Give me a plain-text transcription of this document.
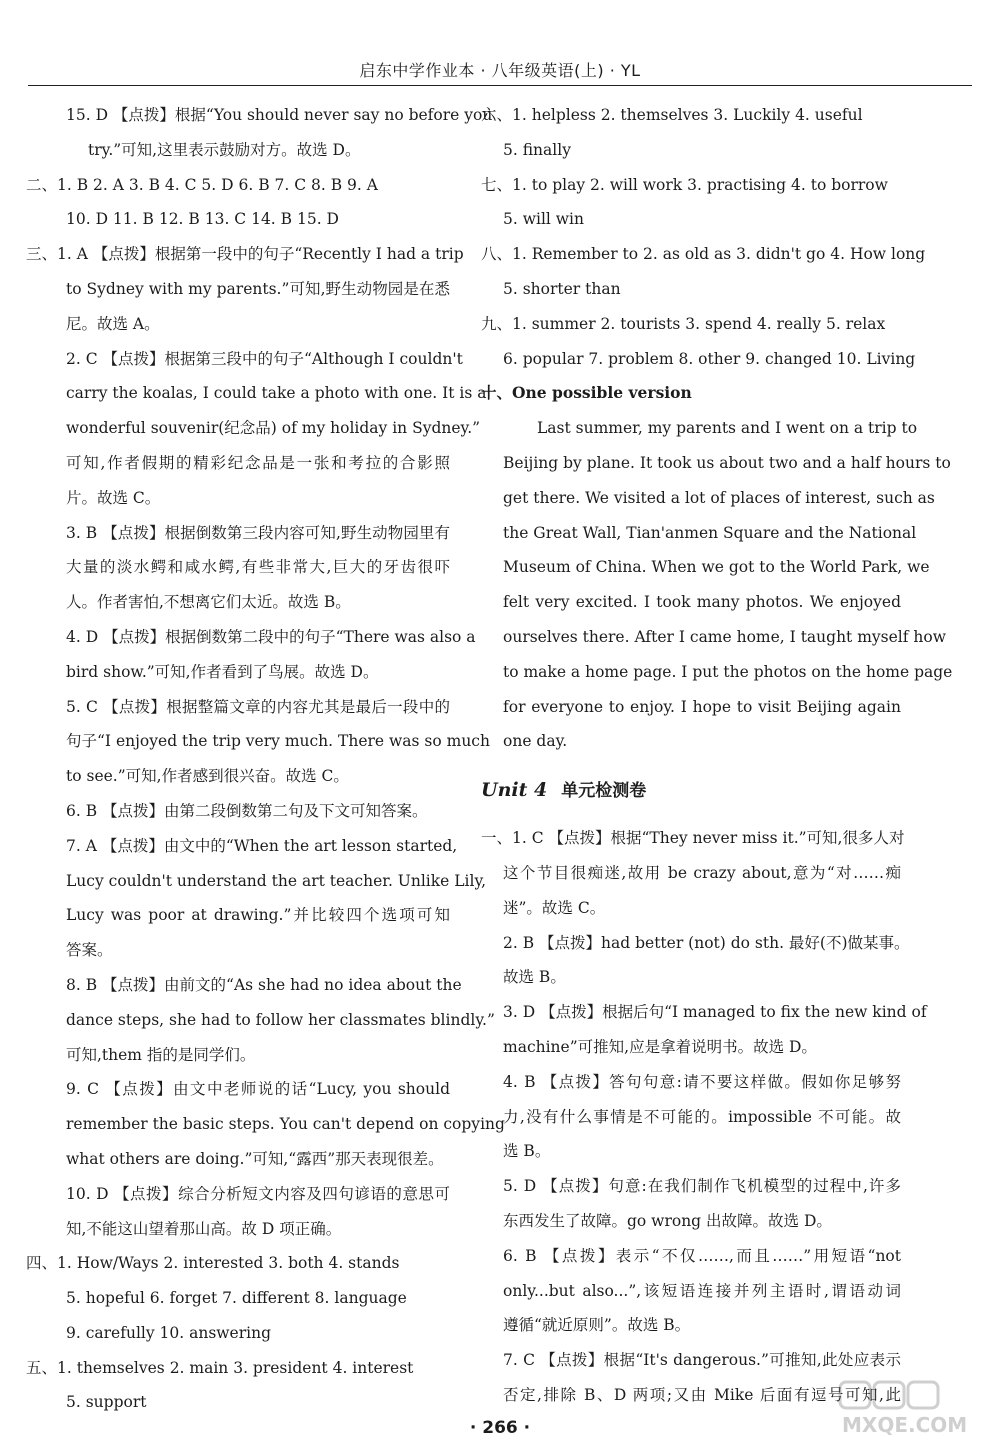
启东中学作业本 · 八年级英语(上) · YL
15. D 【点拨】根据“You should never say no before you
try.”可知,这里表示鼓励对方。故选 D。
二、1. B 2. A 3. B 4. C 5. D 6. B 7. C 8. B 9. A
10. D 11. B 12. B 13. C 14. B 15. D
三、1. A 【点拨】根据第一段中的句子“Recently I had a trip
to Sydney with my parents.”可知,野生动物园是在悉
尼。故选 A。
2. C 【点拨】根据第三段中的句子“Although I couldn't
carry the koalas, I could take a photo with one. It is a
wonderful souvenir(纪念品) of my holiday in Sydney.”
可知,作者假期的精彩纪念品是一张和考拉的合影照
片。故选 C。
3. B 【点拨】根据倒数第三段内容可知,野生动物园里有
大量的淡水鳄和咸水鳄,有些非常大,巨大的牙齿很吓
人。作者害怕,不想离它们太近。故选 B。
4. D 【点拨】根据倒数第二段中的句子“There was also a
bird show.”可知,作者看到了鸟展。故选 D。
5. C 【点拨】根据整篇文章的内容尤其是最后一段中的
句子“I enjoyed the trip very much. There was so much
to see.”可知,作者感到很兴奋。故选 C。
6. B 【点拨】由第二段倒数第二句及下文可知答案。
7. A 【点拨】由文中的“When the art lesson started,
Lucy couldn't understand the art teacher. Unlike Lily,
Lucy was poor at drawing.”并比较四个选项可知
答案。
8. B 【点拨】由前文的“As she had no idea about the
dance steps, she had to follow her classmates blindly.”
可知,them 指的是同学们。
9. C 【点拨】由文中老师说的话“Lucy, you should
remember the basic steps. You can't depend on copying
what others are doing.”可知,“露西”那天表现很差。
10. D 【点拨】综合分析短文内容及四句谚语的意思可
知,不能这山望着那山高。故 D 项正确。
四、1. How/Ways 2. interested 3. both 4. stands
5. hopeful 6. forget 7. different 8. language
9. carefully 10. answering
五、1. themselves 2. main 3. president 4. interest
5. support
六、1. helpless 2. themselves 3. Luckily 4. useful
5. finally
七、1. to play 2. will work 3. practising 4. to borrow
5. will win
八、1. Remember to 2. as old as 3. didn't go 4. How long
5. shorter than
九、1. summer 2. tourists 3. spend 4. really 5. relax
6. popular 7. problem 8. other 9. changed 10. Living
十、One possible version
Last summer, my parents and I went on a trip to
Beijing by plane. It took us about two and a half hours to
get there. We visited a lot of places of interest, such as
the Great Wall, Tian'anmen Square and the National
Museum of China. When we got to the World Park, we
felt very excited. I took many photos. We enjoyed
ourselves there. After I came home, I taught myself how
to make a home page. I put the photos on the home page
for everyone to enjoy. I hope to visit Beijing again
one day.
Unit 4 单元检测卷
一、1. C 【点拨】根据“They never miss it.”可知,很多人对
这个节目很痴迷,故用 be crazy about,意为“对……痴
迷”。故选 C。
2. B 【点拨】had better (not) do sth. 最好(不)做某事。
故选 B。
3. D 【点拨】根据后句“I managed to fix the new kind of
machine”可推知,应是拿着说明书。故选 D。
4. B 【点拨】答句句意:请不要这样做。假如你足够努
力,没有什么事情是不可能的。impossible 不可能。故
选 B。
5. D 【点拨】句意:在我们制作飞机模型的过程中,许多
东西发生了故障。go wrong 出故障。故选 D。
6. B 【点拨】表示“不仅……,而且……”用短语“not
only...but also...”,该短语连接并列主语时,谓语动词
遵循“就近原则”。故选 B。
7. C 【点拨】根据“It's dangerous.”可推知,此处应表示
否定,排除 B、D 两项;又由 Mike 后面有逗号可知,此
· 266 ·	MXQE.COM
